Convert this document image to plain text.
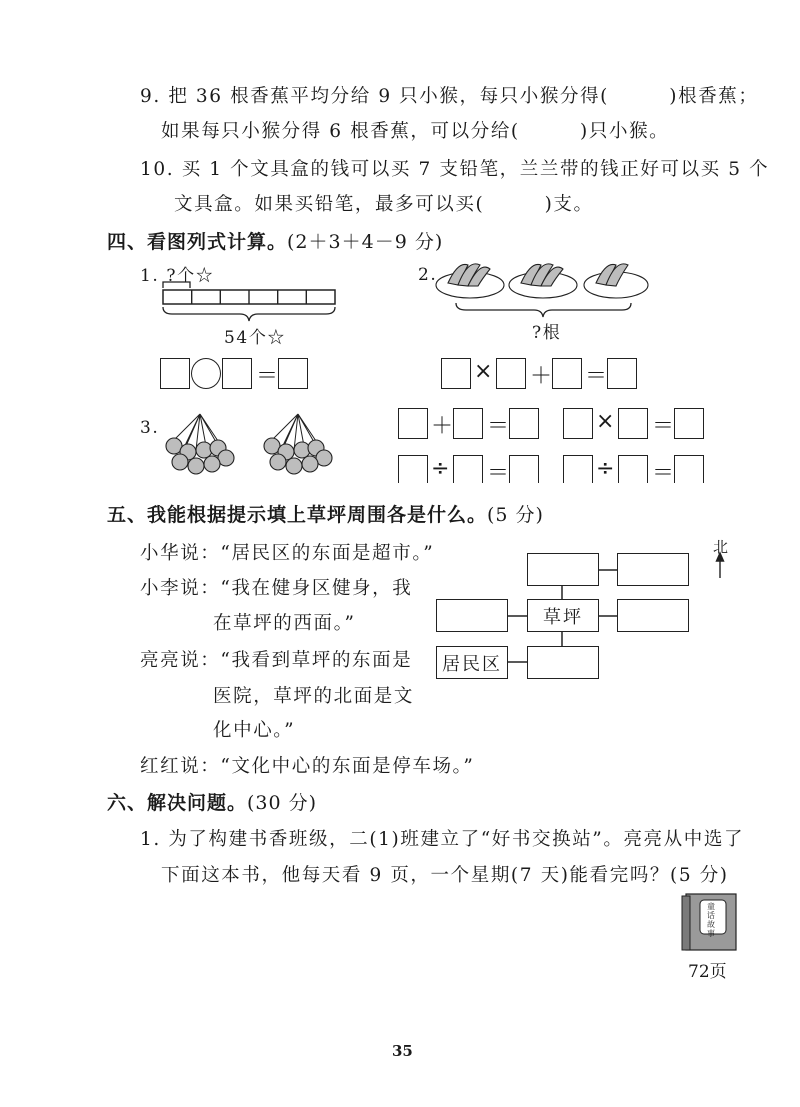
9. 把 36 根香蕉平均分给 9 只小猴，每只小猴分得(　　　)根香蕉；
如果每只小猴分得 6 根香蕉，可以分给(　　　)只小猴。
10. 买 1 个文具盒的钱可以买 7 支铅笔，兰兰带的钱正好可以买 5 个
文具盒。如果买铅笔，最多可以买(　　　)支。
四、看图列式计算。(2＋3＋4－9 分)
1. ?个☆
54个☆
＝
2.
?根
× ＋ ＝
3.	＋ ＝	× ＝
÷ ＝	÷ ＝
五、我能根据提示填上草坪周围各是什么。(5 分)
小华说：“居民区的东面是超市。”
小李说：“我在健身区健身，我
在草坪的西面。”
亮亮说：“我看到草坪的东面是
医院，草坪的北面是文
化中心。”
红红说：“文化中心的东面是停车场。”
北
草坪
居民区
六、解决问题。(30 分)
1. 为了构建书香班级，二(1)班建立了“好书交换站”。亮亮从中选了
下面这本书，他每天看 9 页，一个星期(7 天)能看完吗？(5 分)
童话故事
72页
35
